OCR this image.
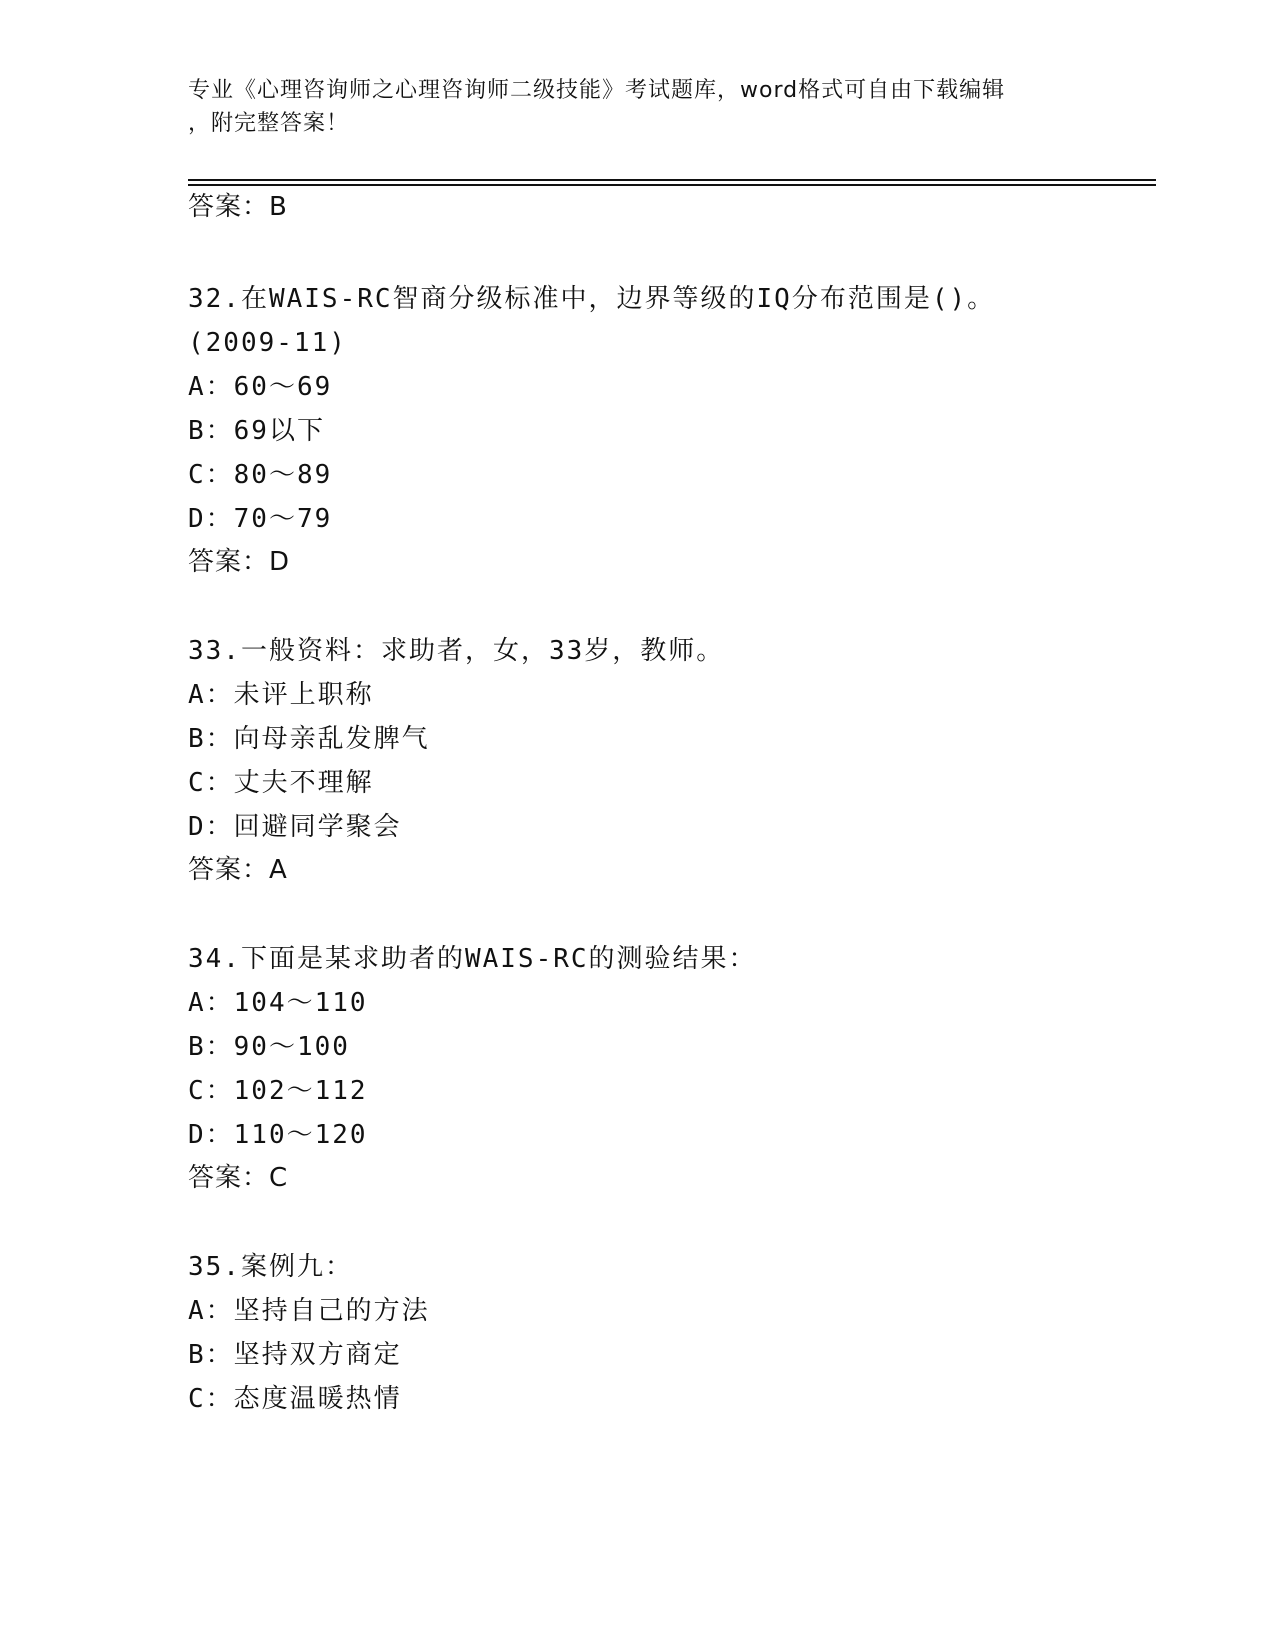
专业《心理咨询师之心理咨询师二级技能》考试题库，word格式可自由下载编辑
，附完整答案！
答案：B
32.在WAIS-RC智商分级标准中，边界等级的IQ分布范围是()。
(2009-11)
A：60～69
B：69以下
C：80～89
D：70～79
答案：D
33.一般资料：求助者，女，33岁，教师。
A：未评上职称
B：向母亲乱发脾气
C：丈夫不理解
D：回避同学聚会
答案：A
34.下面是某求助者的WAIS-RC的测验结果：
A：104～110
B：90～100
C：102～112
D：110～120
答案：C
35.案例九：
A：坚持自己的方法
B：坚持双方商定
C：态度温暖热情
